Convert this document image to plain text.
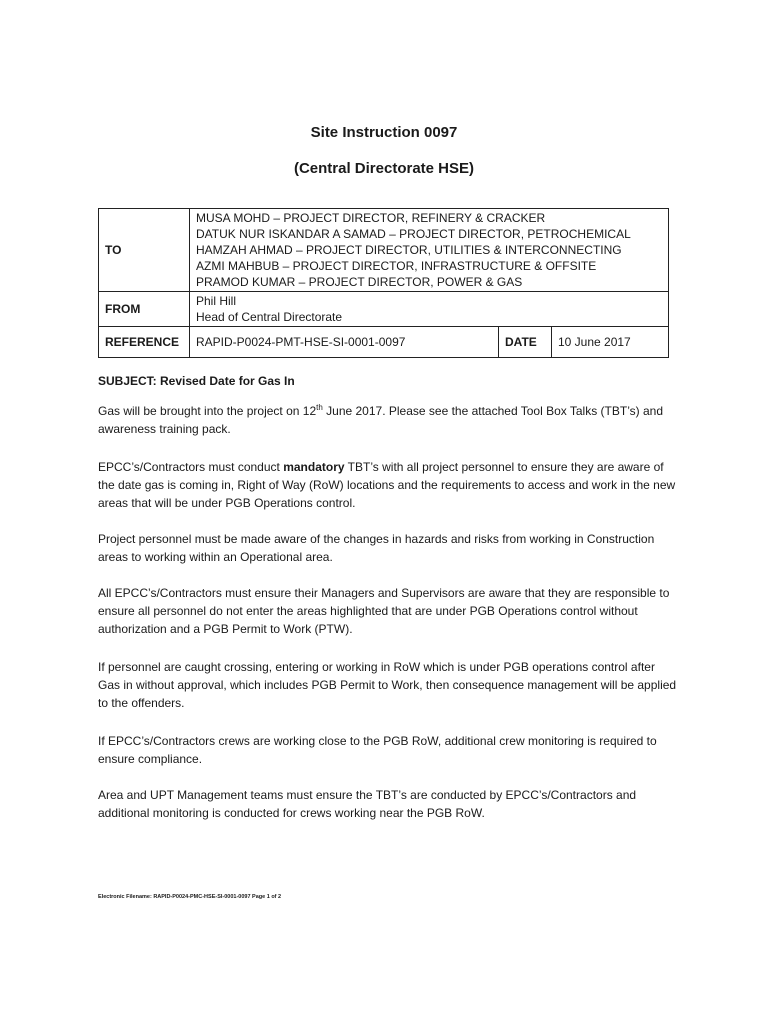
Site Instruction 0097

(Central Directorate HSE)

TO	MUSA MOHD – PROJECT DIRECTOR, REFINERY & CRACKER
DATUK NUR ISKANDAR A SAMAD – PROJECT DIRECTOR, PETROCHEMICAL
HAMZAH AHMAD – PROJECT DIRECTOR, UTILITIES & INTERCONNECTING
AZMI MAHBUB – PROJECT DIRECTOR, INFRASTRUCTURE & OFFSITE
PRAMOD KUMAR – PROJECT DIRECTOR, POWER & GAS		

FROM	Phil Hill
Head of Central Directorate		

REFERENCE	RAPID-P0024-PMT-HSE-SI-0001-0097	DATE	10 June 2017

SUBJECT: Revised Date for Gas In

Gas will be brought into the project on 12th June 2017. Please see the attached Tool Box Talks (TBT’s) and awareness training pack.

EPCC’s/Contractors must conduct mandatory TBT’s with all project personnel to ensure they are aware of the date gas is coming in, Right of Way (RoW) locations and the requirements to access and work in the new areas that will be under PGB Operations control.

Project personnel must be made aware of the changes in hazards and risks from working in Construction areas to working within an Operational area.

All EPCC’s/Contractors must ensure their Managers and Supervisors are aware that they are responsible to ensure all personnel do not enter the areas highlighted that are under PGB Operations control without authorization and a PGB Permit to Work (PTW).

If personnel are caught crossing, entering or working in RoW which is under PGB operations control after Gas in without approval, which includes PGB Permit to Work, then consequence management will be applied to the offenders.

If EPCC’s/Contractors crews are working close to the PGB RoW, additional crew monitoring is required to ensure compliance.

Area and UPT Management teams must ensure the TBT’s are conducted by EPCC’s/Contractors and additional monitoring is conducted for crews working near the PGB RoW.

Electronic Filename: RAPID-P0024-PMC-HSE-SI-0001-0097 Page 1 of 2
